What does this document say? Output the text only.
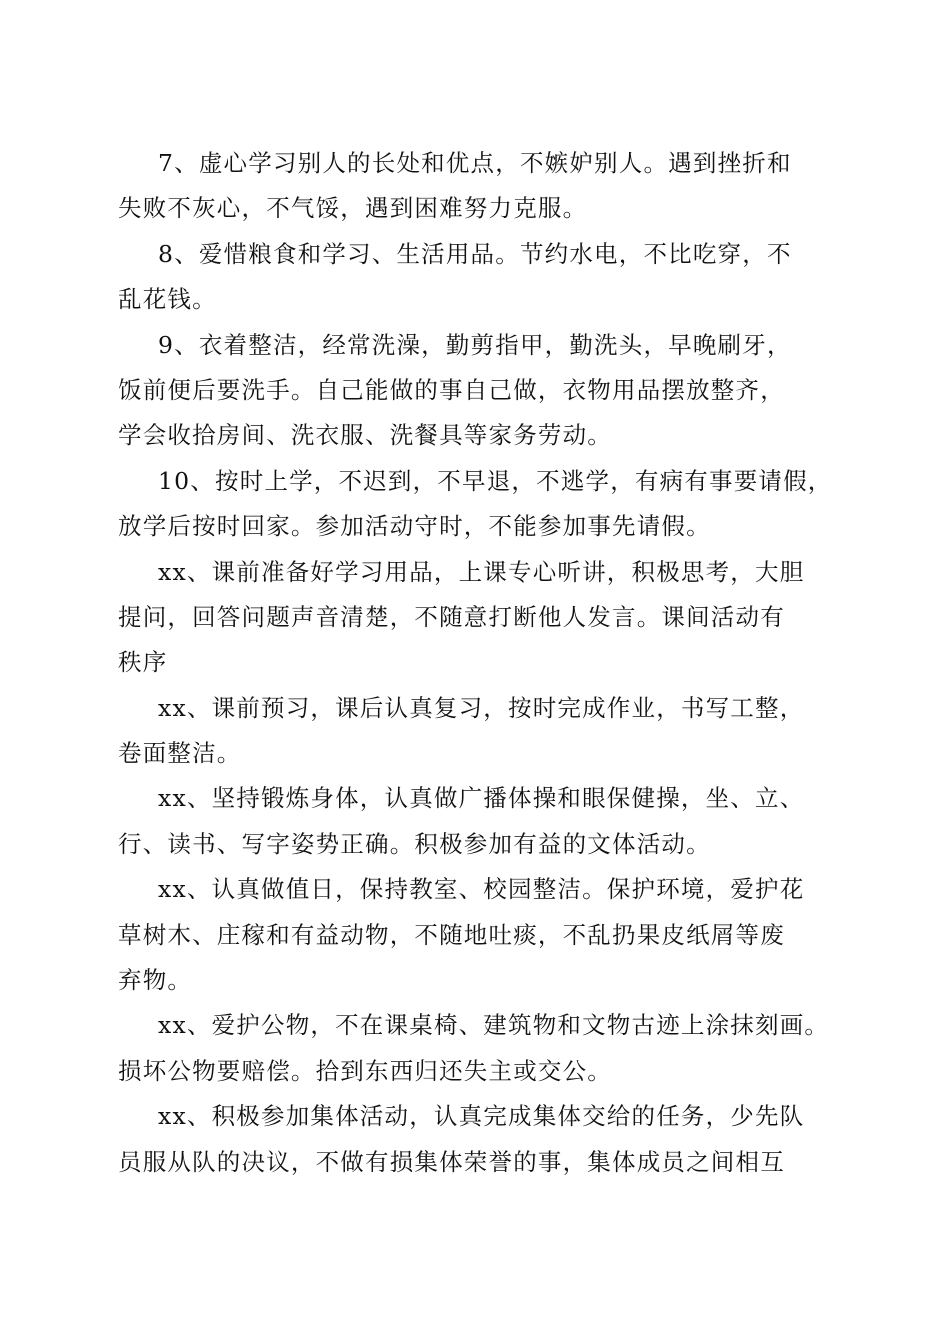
7、虚心学习别人的长处和优点，不嫉妒别人。遇到挫折和
失败不灰心，不气馁，遇到困难努力克服。

8、爱惜粮食和学习、生活用品。节约水电，不比吃穿，不
乱花钱。

9、衣着整洁，经常洗澡，勤剪指甲，勤洗头，早晚刷牙，
饭前便后要洗手。自己能做的事自己做，衣物用品摆放整齐，
学会收拾房间、洗衣服、洗餐具等家务劳动。

10、按时上学，不迟到，不早退，不逃学，有病有事要请假，
放学后按时回家。参加活动守时，不能参加事先请假。

xx、课前准备好学习用品，上课专心听讲，积极思考，大胆
提问，回答问题声音清楚，不随意打断他人发言。课间活动有
秩序

xx、课前预习，课后认真复习，按时完成作业，书写工整，
卷面整洁。

xx、坚持锻炼身体，认真做广播体操和眼保健操，坐、立、
行、读书、写字姿势正确。积极参加有益的文体活动。

xx、认真做值日，保持教室、校园整洁。保护环境，爱护花
草树木、庄稼和有益动物，不随地吐痰，不乱扔果皮纸屑等废
弃物。

xx、爱护公物，不在课桌椅、建筑物和文物古迹上涂抹刻画。
损坏公物要赔偿。拾到东西归还失主或交公。

xx、积极参加集体活动，认真完成集体交给的任务，少先队
员服从队的决议，不做有损集体荣誉的事，集体成员之间相互
